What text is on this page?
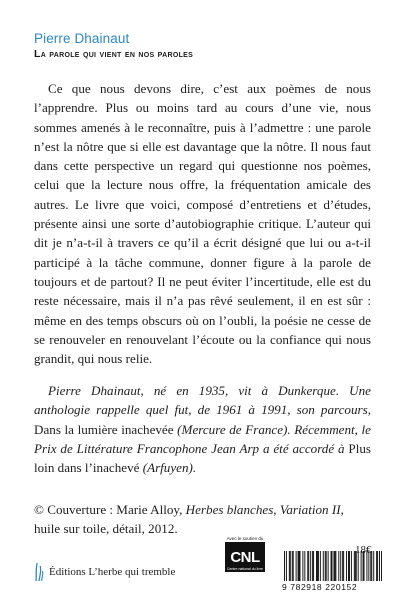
Pierre Dhainaut
La parole qui vient en nos paroles

Ce que nous devons dire, c’est aux poèmes de nous l’apprendre. Plus ou moins tard au cours d’une vie, nous sommes amenés à le reconnaître, puis à l’admettre : une parole n’est la nôtre que si elle est davantage que la nôtre. Il nous faut dans cette perspective un regard qui questionne nos poèmes, celui que la lecture nous offre, la fréquentation amicale des autres. Le livre que voici, composé d’entretiens et d’études, présente ainsi une sorte d’autobiographie critique. L’auteur qui dit je n’a-t-il à travers ce qu’il a écrit désigné que lui ou a-t-il participé à la tâche commune, donner figure à la parole de toujours et de partout? Il ne peut éviter l’incertitude, elle est du reste nécessaire, mais il n’a pas rêvé seulement, il en est sûr : même en des temps obscurs où on l’oubli, la poésie ne cesse de se renouveler en renouvelant l’écoute ou la confiance qui nous grandit, qui nous relie.

Pierre Dhainaut, né en 1935, vit à Dunkerque. Une anthologie rappelle quel fut, de 1961 à 1991, son parcours, Dans la lumière inachevée (Mercure de France). Récemment, le Prix de Littérature Francophone Jean Arp a été accordé à Plus loin dans l’inachevé (Arfuyen).

© Couverture : Marie Alloy, Herbes blanches, Variation II, huile sur toile, détail, 2012.
18€
Éditions L’herbe qui tremble
Avec le soutien du
CNL
Centre national du livre
9 782918 220152
